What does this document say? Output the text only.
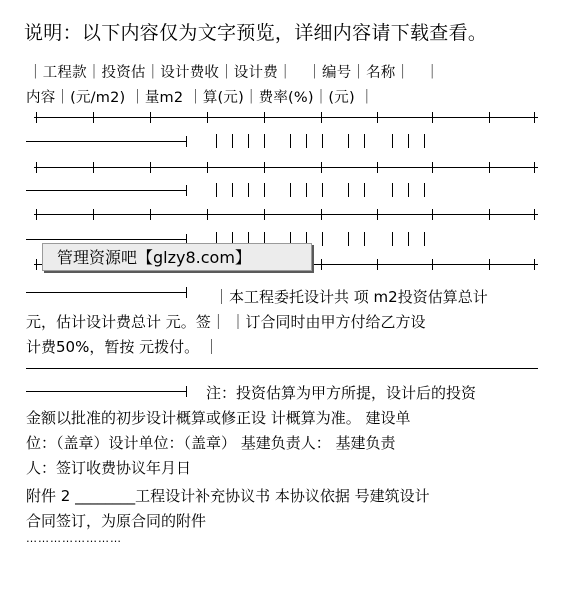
说明：以下内容仅为文字预览，详细内容请下载查看。
｜工程款｜投资估｜设计费收｜设计费｜　｜编号｜名称｜　｜
内容｜(元/m2) ｜量m2 ｜算(元)｜费率(%)｜(元) ｜
管理资源吧【glzy8.com】
｜本工程委托设计共 项 m2投资估算总计
元，估计设计费总计 元。签｜ ｜订合同时由甲方付给乙方设
计费50%，暂按 元拨付。 ｜
注：投资估算为甲方所提，设计后的投资
金额以批准的初步设计概算或修正设 计概算为准。 建设单
位：（盖章）设计单位：（盖章） 基建负责人： 基建负责
人：签订收费协议年月日
附件 2 ________工程设计补充协议书 本协议依据 号建筑设计
合同签订，为原合同的附件
……………………
